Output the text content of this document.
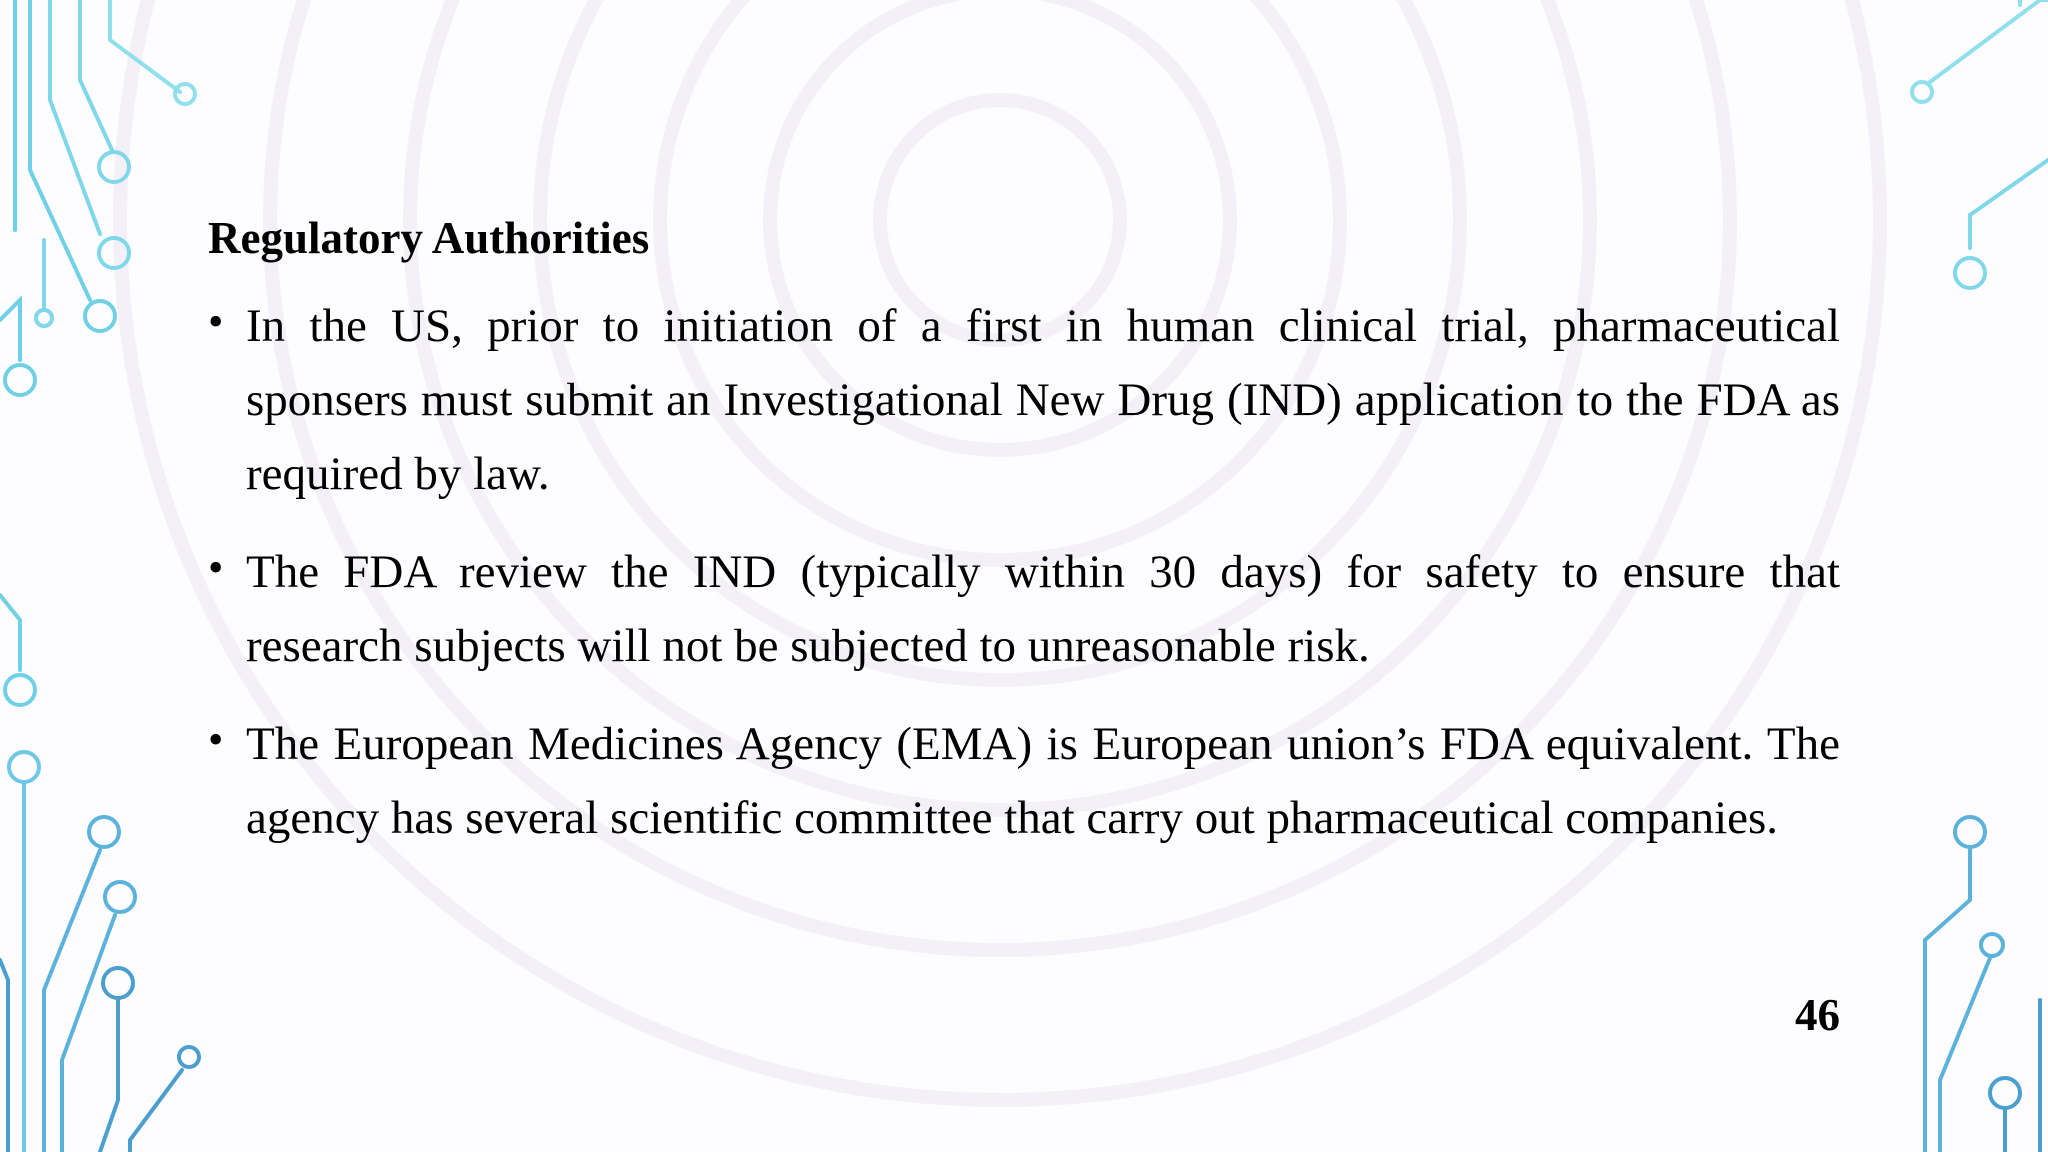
Regulatory Authorities
• In the US, prior to initiation of a first in human clinical trial, pharmaceutical sponsers must submit an Investigational New Drug (IND) application to the FDA as required by law.
• The FDA review the IND (typically within 30 days) for safety to ensure that research subjects will not be subjected to unreasonable risk.
• The European Medicines Agency (EMA) is European union’s FDA equivalent. The agency has several scientific committee that carry out pharmaceutical companies.
46
